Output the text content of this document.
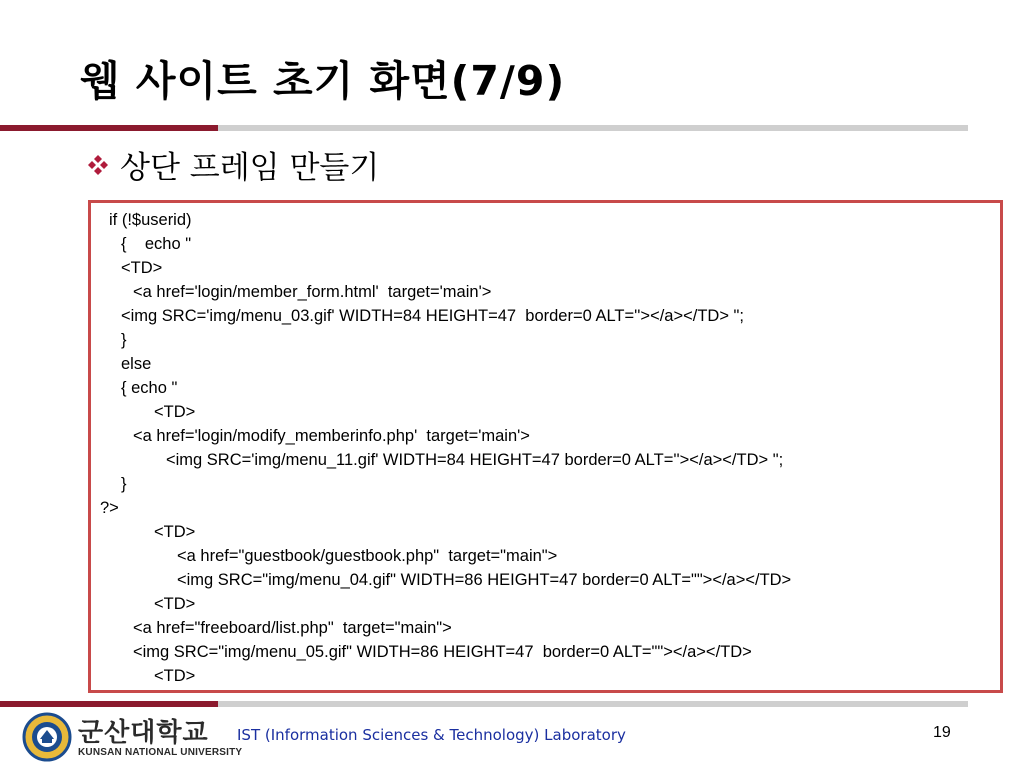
웹 사이트 초기 화면(7/9)
상단 프레임 만들기
if (!$userid)
{    echo "
<TD>
<a href='login/member_form.html'  target='main'>
<img SRC='img/menu_03.gif' WIDTH=84 HEIGHT=47  border=0 ALT=''></a></TD> ";
}
else
{ echo "
<TD>
<a href='login/modify_memberinfo.php'  target='main'>
<img SRC='img/menu_11.gif' WIDTH=84 HEIGHT=47 border=0 ALT=''></a></TD> ";
}
?>
<TD>
<a href="guestbook/guestbook.php"  target="main">
<img SRC="img/menu_04.gif" WIDTH=86 HEIGHT=47 border=0 ALT=""></a></TD>
<TD>
<a href="freeboard/list.php"  target="main">
<img SRC="img/menu_05.gif" WIDTH=86 HEIGHT=47  border=0 ALT=""></a></TD>
<TD>
군산대학교
KUNSAN NATIONAL UNIVERSITY
IST (Information Sciences & Technology) Laboratory	19
